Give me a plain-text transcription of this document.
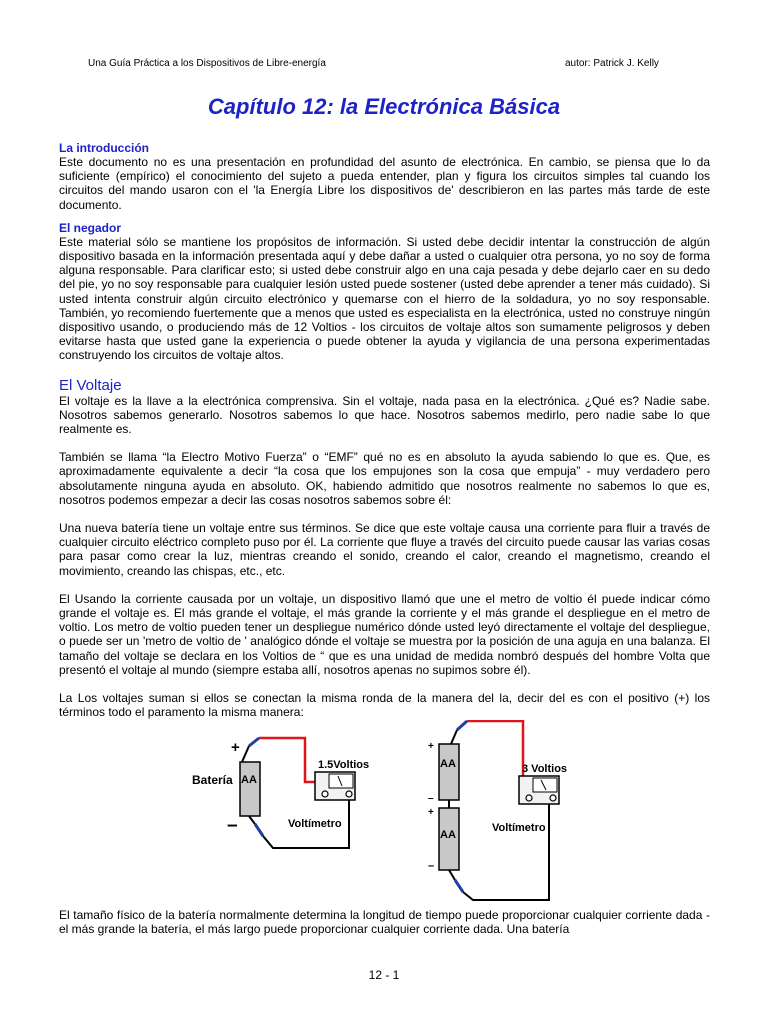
Una Guía Práctica a los Dispositivos de Libre-energía	autor: Patrick J. Kelly
Capítulo 12: la Electrónica Básica
La introducción

Este documento no es una presentación en profundidad del asunto de electrónica. En cambio, se piensa que lo da suficiente (empírico) el conocimiento del sujeto a pueda entender, plan y figura los circuitos simples tal cuando los circuitos del mando usaron con el 'la Energía Libre los dispositivos de' describieron en las partes más tarde de este documento.

El negador

Este material sólo se mantiene los propósitos de información. Si usted debe decidir intentar la construcción de algún dispositivo basada en la información presentada aquí y debe dañar a usted o cualquier otra persona, yo no soy de forma alguna responsable. Para clarificar esto; si usted debe construir algo en una caja pesada y debe dejarlo caer en su dedo del pie, yo no soy responsable para cualquier lesión usted puede sostener (usted debe aprender a tener más cuidado). Si usted intenta construir algún circuito electrónico y quemarse con el hierro de la soldadura, yo no soy responsable. También, yo recomiendo fuertemente que a menos que usted es especialista en la electrónica, usted no construye ningún dispositivo usando, o produciendo más de 12 Voltios - los circuitos de voltaje altos son sumamente peligrosos y deben evitarse hasta que usted gane la experiencia o puede obtener la ayuda y vigilancia de una persona experimentadas construyendo los circuitos de voltaje altos.

El Voltaje

El voltaje es la llave a la electrónica comprensiva. Sin el voltaje, nada pasa en la electrónica. ¿Qué es? Nadie sabe. Nosotros sabemos generarlo. Nosotros sabemos lo que hace. Nosotros sabemos medirlo, pero nadie sabe lo que realmente es.

También se llama “la Electro Motivo Fuerza” o “EMF” qué no es en absoluto la ayuda sabiendo lo que es. Que, es aproximadamente equivalente a decir “la cosa que los empujones son la cosa que empuja” - muy verdadero pero absolutamente ninguna ayuda en absoluto. OK, habiendo admitido que nosotros realmente no sabemos lo que es, nosotros podemos empezar a decir las cosas nosotros sabemos sobre él:

Una nueva batería tiene un voltaje entre sus términos. Se dice que este voltaje causa una corriente para fluir a través de cualquier circuito eléctrico completo puso por él. La corriente que fluye a través del circuito puede causar las varias cosas para pasar como crear la luz, mientras creando el sonido, creando el calor, creando el magnetismo, creando el movimiento, creando las chispas, etc., etc.

El Usando la corriente causada por un voltaje, un dispositivo llamó que une el metro de voltio él puede indicar cómo grande el voltaje es. El más grande el voltaje, el más grande la corriente y el más grande el despliegue en el metro de voltio. Los metro de voltio pueden tener un despliegue numérico dónde usted leyó directamente el voltaje del despliegue, o puede ser un 'metro de voltio de ' analógico dónde el voltaje se muestra por la posición de una aguja en una balanza. El tamaño del voltaje se declara en los Voltios de “ que es una unidad de medida nombró después del hombre Volta que presentó el voltaje al mundo (siempre estaba allí, nosotros apenas no supimos sobre él).

La Los voltajes suman si ellos se conectan la misma ronda de la manera del la, decir del es con el positivo (+) los términos todo el paramento la misma manera:

AA
Batería
+
–
1.5Voltios
Voltímetro
AA
+
–
+
AA
–
3 Voltios
Voltímetro

El tamaño físico de la batería normalmente determina la longitud de tiempo puede proporcionar cualquier corriente dada - el más grande la batería, el más largo puede proporcionar cualquier corriente dada. Una batería

12 - 1
